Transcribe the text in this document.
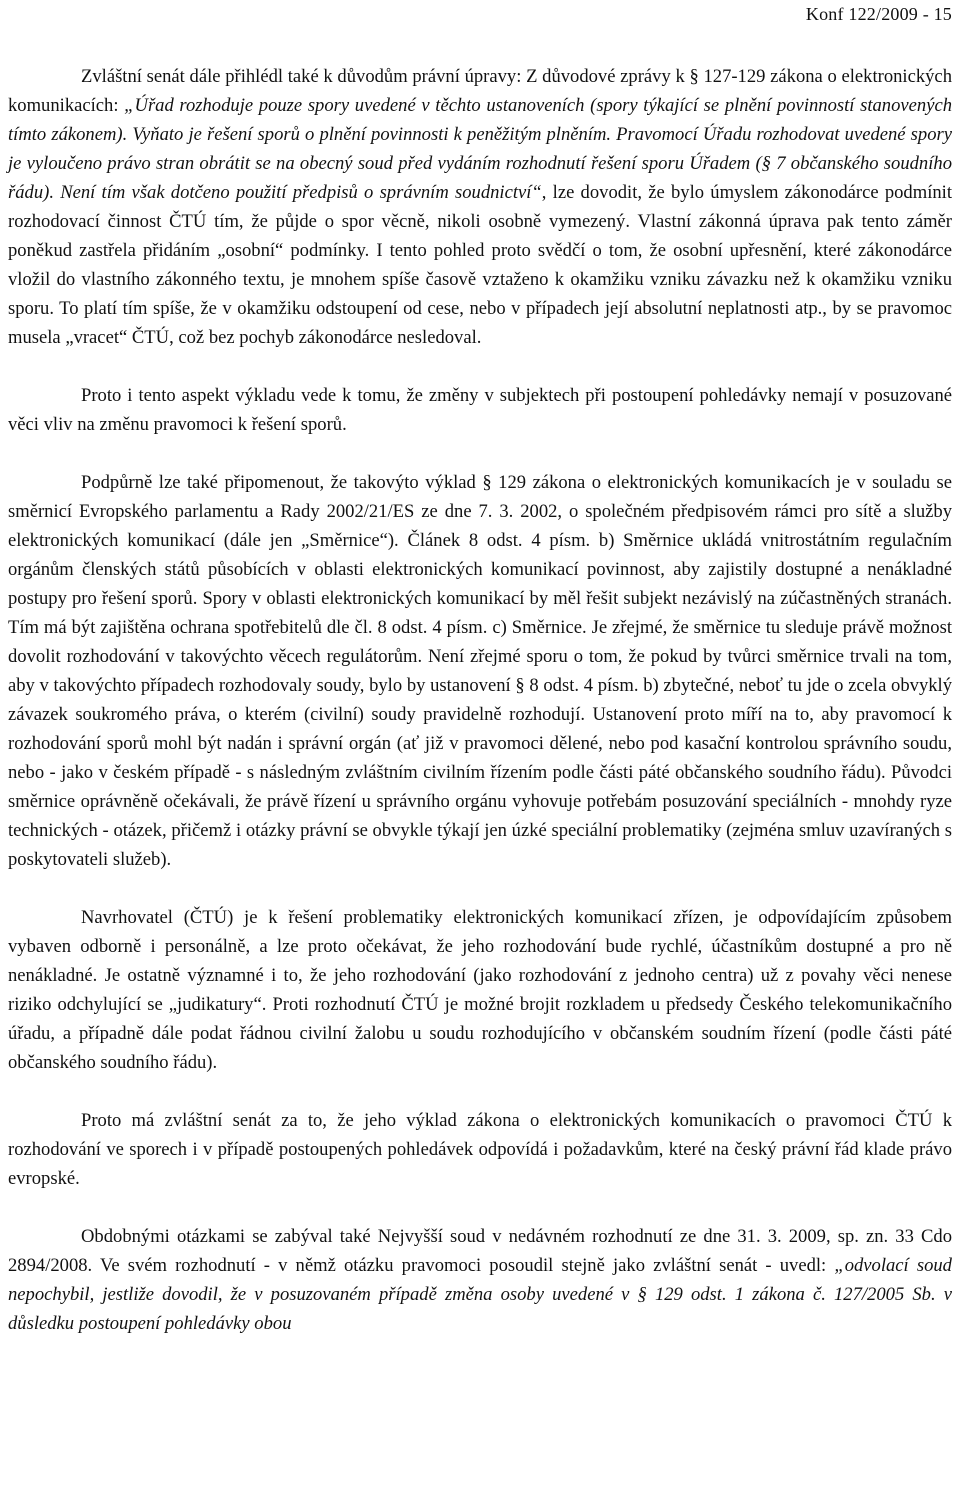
Konf 122/2009 - 15

Zvláštní senát dále přihlédl také k důvodům právní úpravy: Z důvodové zprávy k § 127-129 zákona o elektronických komunikacích: „Úřad rozhoduje pouze spory uvedené v těchto ustanoveních (spory týkající se plnění povinností stanovených tímto zákonem). Vyňato je řešení sporů o plnění povinnosti k peněžitým plněním. Pravomocí Úřadu rozhodovat uvedené spory je vyloučeno právo stran obrátit se na obecný soud před vydáním rozhodnutí řešení sporu Úřadem (§ 7 občanského soudního řádu). Není tím však dotčeno použití předpisů o správním soudnictví“, lze dovodit, že bylo úmyslem zákonodárce podmínit rozhodovací činnost ČTÚ tím, že půjde o spor věcně, nikoli osobně vymezený. Vlastní zákonná úprava pak tento záměr poněkud zastřela přidáním „osobní“ podmínky. I tento pohled proto svědčí o tom, že osobní upřesnění, které zákonodárce vložil do vlastního zákonného textu, je mnohem spíše časově vztaženo k okamžiku vzniku závazku než k okamžiku vzniku sporu. To platí tím spíše, že v okamžiku odstoupení od cese, nebo v případech její absolutní neplatnosti atp., by se pravomoc musela „vracet“ ČTÚ, což bez pochyb zákonodárce nesledoval.

Proto i tento aspekt výkladu vede k tomu, že změny v subjektech při postoupení pohledávky nemají v posuzované věci vliv na změnu pravomoci k řešení sporů.

Podpůrně lze také připomenout, že takovýto výklad § 129 zákona o elektronických komunikacích je v souladu se směrnicí Evropského parlamentu a Rady 2002/21/ES ze dne 7. 3. 2002, o společném předpisovém rámci pro sítě a služby elektronických komunikací (dále jen „Směrnice“). Článek 8 odst. 4 písm. b) Směrnice ukládá vnitrostátním regulačním orgánům členských států působících v oblasti elektronických komunikací povinnost, aby zajistily dostupné a nenákladné postupy pro řešení sporů. Spory v oblasti elektronických komunikací by měl řešit subjekt nezávislý na zúčastněných stranách. Tím má být zajištěna ochrana spotřebitelů dle čl. 8 odst. 4 písm. c) Směrnice. Je zřejmé, že směrnice tu sleduje právě možnost dovolit rozhodování v takovýchto věcech regulátorům. Není zřejmé sporu o tom, že pokud by tvůrci směrnice trvali na tom, aby v takovýchto případech rozhodovaly soudy, bylo by ustanovení § 8 odst. 4 písm. b) zbytečné, neboť tu jde o zcela obvyklý závazek soukromého práva, o kterém (civilní) soudy pravidelně rozhodují. Ustanovení proto míří na to, aby pravomocí k rozhodování sporů mohl být nadán i správní orgán (ať již v pravomoci dělené, nebo pod kasační kontrolou správního soudu, nebo - jako v českém případě - s následným zvláštním civilním řízením podle části páté občanského soudního řádu). Původci směrnice oprávněně očekávali, že právě řízení u správního orgánu vyhovuje potřebám posuzování speciálních - mnohdy ryze technických - otázek, přičemž i otázky právní se obvykle týkají jen úzké speciální problematiky (zejména smluv uzavíraných s poskytovateli služeb).

Navrhovatel (ČTÚ) je k řešení problematiky elektronických komunikací zřízen, je odpovídajícím způsobem vybaven odborně i personálně, a lze proto očekávat, že jeho rozhodování bude rychlé, účastníkům dostupné a pro ně nenákladné. Je ostatně významné i to, že jeho rozhodování (jako rozhodování z jednoho centra) už z povahy věci nenese riziko odchylující se „judikatury“. Proti rozhodnutí ČTÚ je možné brojit rozkladem u předsedy Českého telekomunikačního úřadu, a případně dále podat řádnou civilní žalobu u soudu rozhodujícího v občanském soudním řízení (podle části páté občanského soudního řádu).

Proto má zvláštní senát za to, že jeho výklad zákona o elektronických komunikacích o pravomoci ČTÚ k rozhodování ve sporech i v případě postoupených pohledávek odpovídá i požadavkům, které na český právní řád klade právo evropské.

Obdobnými otázkami se zabýval také Nejvyšší soud v nedávném rozhodnutí ze dne 31. 3. 2009, sp. zn. 33 Cdo 2894/2008. Ve svém rozhodnutí - v němž otázku pravomoci posoudil stejně jako zvláštní senát - uvedl: „odvolací soud nepochybil, jestliže dovodil, že v posuzovaném případě změna osoby uvedené v § 129 odst. 1 zákona č. 127/2005 Sb. v důsledku postoupení pohledávky obou
